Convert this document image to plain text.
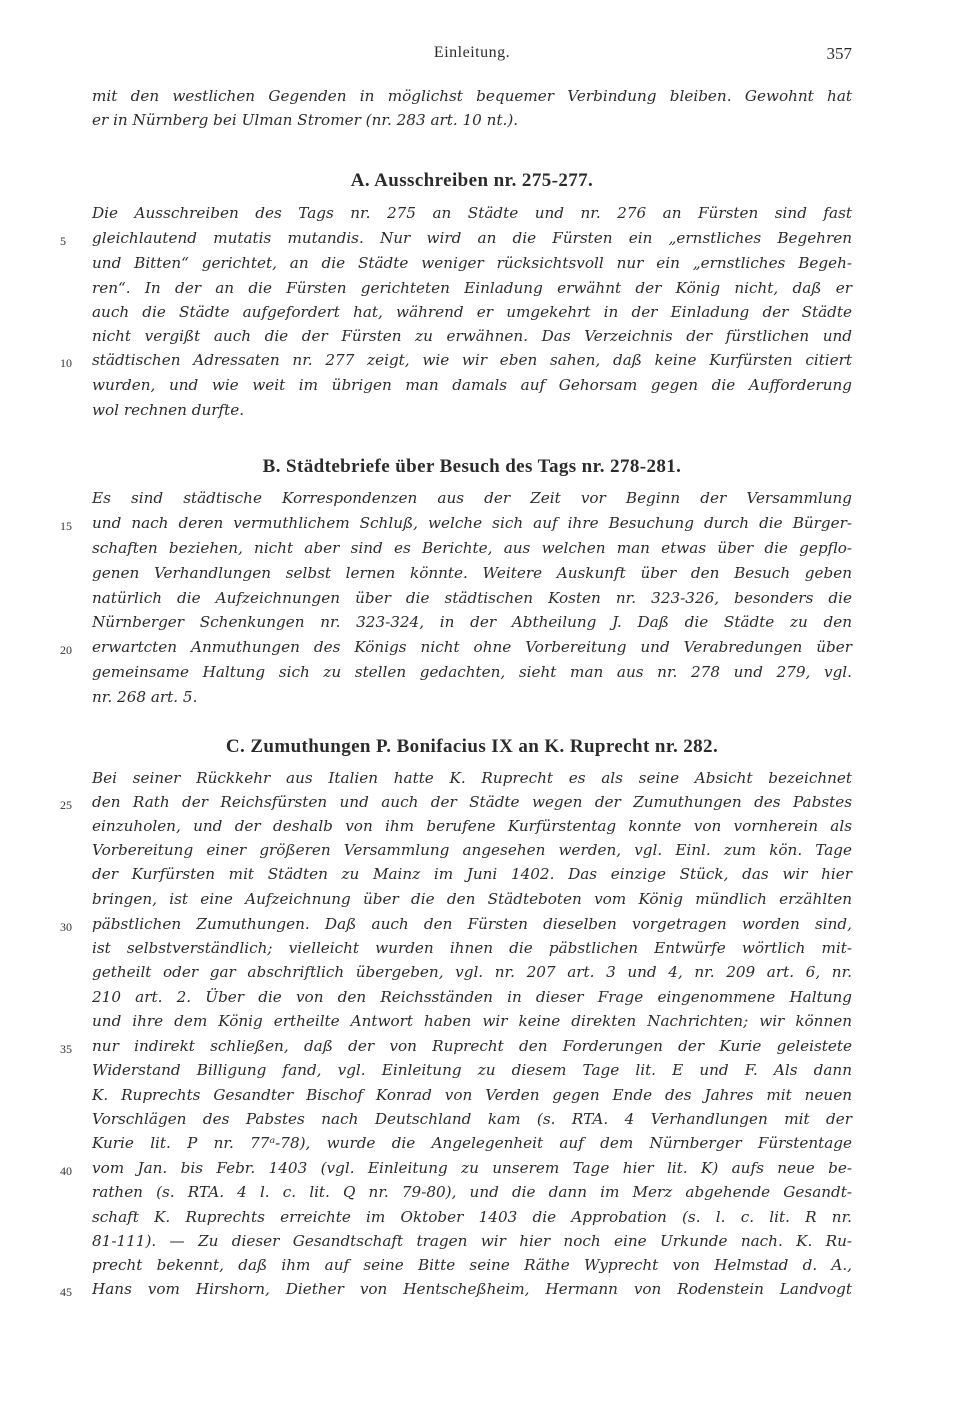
Einleitung.	357
mit den westlichen Gegenden in möglichst bequemer Verbindung bleiben. Gewohnt hat
er in Nürnberg bei Ulman Stromer (nr. 283 art. 10 nt.).
A. Ausschreiben nr. 275-277.
Die Ausschreiben des Tags nr. 275 an Städte und nr. 276 an Fürsten sind fast
gleichlautend mutatis mutandis. Nur wird an die Fürsten ein „ernstliches Begehren
und Bitten“ gerichtet, an die Städte weniger rücksichtsvoll nur ein „ernstliches Begeh-
ren“. In der an die Fürsten gerichteten Einladung erwähnt der König nicht, daß er
auch die Städte aufgefordert hat, während er umgekehrt in der Einladung der Städte
nicht vergißt auch die der Fürsten zu erwähnen. Das Verzeichnis der fürstlichen und
städtischen Adressaten nr. 277 zeigt, wie wir eben sahen, daß keine Kurfürsten citiert
wurden, und wie weit im übrigen man damals auf Gehorsam gegen die Aufforderung
wol rechnen durfte.
B. Städtebriefe über Besuch des Tags nr. 278-281.
Es sind städtische Korrespondenzen aus der Zeit vor Beginn der Versammlung
und nach deren vermuthlichem Schluß, welche sich auf ihre Besuchung durch die Bürger-
schaften beziehen, nicht aber sind es Berichte, aus welchen man etwas über die gepflo-
genen Verhandlungen selbst lernen könnte. Weitere Auskunft über den Besuch geben
natürlich die Aufzeichnungen über die städtischen Kosten nr. 323-326, besonders die
Nürnberger Schenkungen nr. 323-324, in der Abtheilung J. Daß die Städte zu den
erwartcten Anmuthungen des Königs nicht ohne Vorbereitung und Verabredungen über
gemeinsame Haltung sich zu stellen gedachten, sieht man aus nr. 278 und 279, vgl.
nr. 268 art. 5.
C. Zumuthungen P. Bonifacius IX an K. Ruprecht nr. 282.
Bei seiner Rückkehr aus Italien hatte K. Ruprecht es als seine Absicht bezeichnet
den Rath der Reichsfürsten und auch der Städte wegen der Zumuthungen des Pabstes
einzuholen, und der deshalb von ihm berufene Kurfürstentag konnte von vornherein als
Vorbereitung einer größeren Versammlung angesehen werden, vgl. Einl. zum kön. Tage
der Kurfürsten mit Städten zu Mainz im Juni 1402. Das einzige Stück, das wir hier
bringen, ist eine Aufzeichnung über die den Städteboten vom König mündlich erzählten
päbstlichen Zumuthungen. Daß auch den Fürsten dieselben vorgetragen worden sind,
ist selbstverständlich; vielleicht wurden ihnen die päbstlichen Entwürfe wörtlich mit-
getheilt oder gar abschriftlich übergeben, vgl. nr. 207 art. 3 und 4, nr. 209 art. 6, nr.
210 art. 2. Über die von den Reichsständen in dieser Frage eingenommene Haltung
und ihre dem König ertheilte Antwort haben wir keine direkten Nachrichten; wir können
nur indirekt schließen, daß der von Ruprecht den Forderungen der Kurie geleistete
Widerstand Billigung fand, vgl. Einleitung zu diesem Tage lit. E und F. Als dann
K. Ruprechts Gesandter Bischof Konrad von Verden gegen Ende des Jahres mit neuen
Vorschlägen des Pabstes nach Deutschland kam (s. RTA. 4 Verhandlungen mit der
Kurie lit. P nr. 77ᵃ-78), wurde die Angelegenheit auf dem Nürnberger Fürstentage
vom Jan. bis Febr. 1403 (vgl. Einleitung zu unserem Tage hier lit. K) aufs neue be-
rathen (s. RTA. 4 l. c. lit. Q nr. 79-80), und die dann im Merz abgehende Gesandt-
schaft K. Ruprechts erreichte im Oktober 1403 die Approbation (s. l. c. lit. R nr.
81-111). — Zu dieser Gesandtschaft tragen wir hier noch eine Urkunde nach. K. Ru-
precht bekennt, daß ihm auf seine Bitte seine Räthe Wyprecht von Helmstad d. A.,
Hans vom Hirshorn, Diether von Hentscheßheim, Hermann von Rodenstein Landvogt
5
10
15
20
25
30
35
40
45
